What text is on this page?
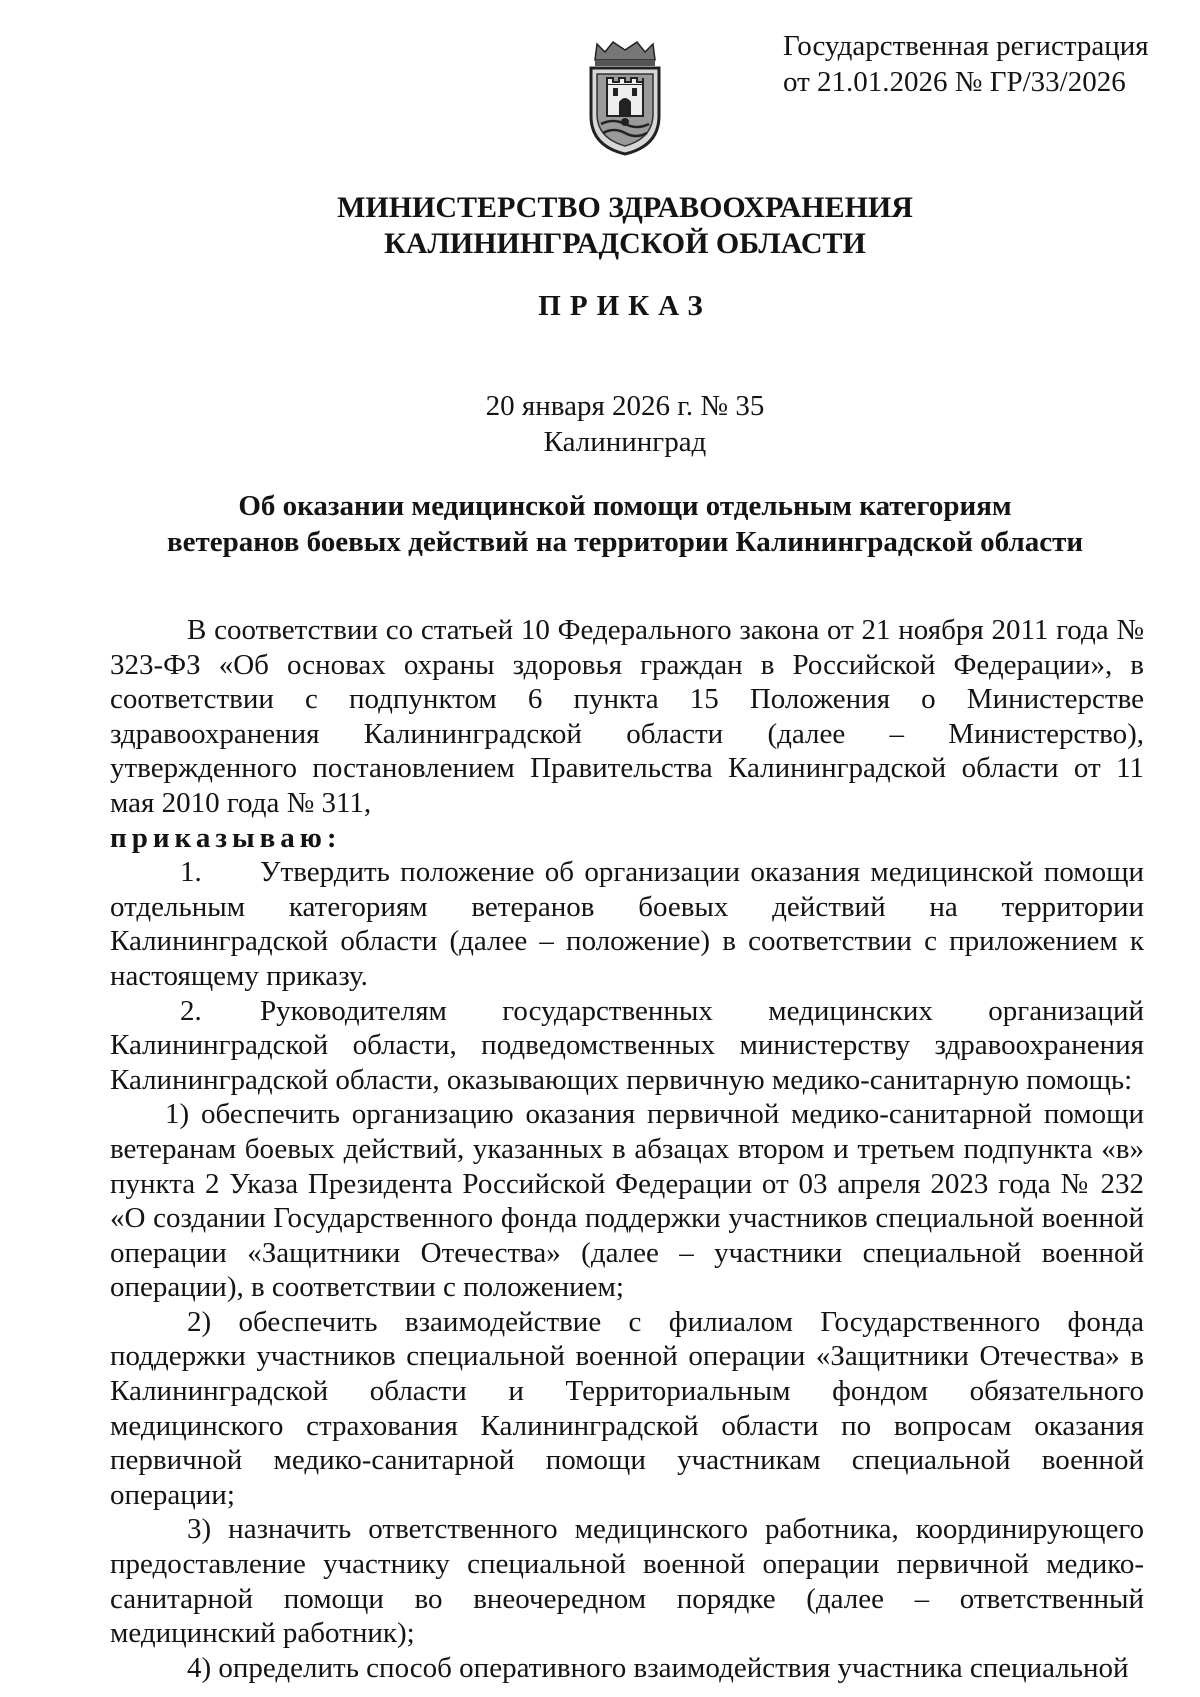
Государственная регистрация
от 21.01.2026 № ГР/33/2026
МИНИСТЕРСТВО ЗДРАВООХРАНЕНИЯ
КАЛИНИНГРАДСКОЙ ОБЛАСТИ
ПРИКАЗ
20 января 2026 г. № 35
Калининград
Об оказании медицинской помощи отдельным категориям
ветеранов боевых действий на территории Калининградской области

В соответствии со статьей 10 Федерального закона от 21 ноября 2011 года № 323-ФЗ «Об основах охраны здоровья граждан в Российской Федерации», в соответствии с подпунктом 6 пункта 15 Положения о Министерстве здравоохранения Калининградской области (далее – Министерство), утвержденного постановлением Правительства Калининградской области от 11 мая 2010 года № 311,

приказываю:

1. Утвердить положение об организации оказания медицинской помощи отдельным категориям ветеранов боевых действий на территории Калининградской области (далее – положение) в соответствии с приложением к настоящему приказу.

2. Руководителям государственных медицинских организаций Калининградской области, подведомственных министерству здравоохранения Калининградской области, оказывающих первичную медико-санитарную помощь:

1) обеспечить организацию оказания первичной медико-санитарной помощи ветеранам боевых действий, указанных в абзацах втором и третьем подпункта «в» пункта 2 Указа Президента Российской Федерации от 03 апреля 2023 года № 232 «О создании Государственного фонда поддержки участников специальной военной операции «Защитники Отечества» (далее – участники специальной военной операции), в соответствии с положением;

2) обеспечить взаимодействие с филиалом Государственного фонда поддержки участников специальной военной операции «Защитники Отечества» в Калининградской области и Территориальным фондом обязательного медицинского страхования Калининградской области по вопросам оказания первичной медико-санитарной помощи участникам специальной военной операции;

3) назначить ответственного медицинского работника, координирующего предоставление участнику специальной военной операции первичной медико-санитарной помощи во внеочередном порядке (далее – ответственный медицинский работник);

4) определить способ оперативного взаимодействия участника специальной
